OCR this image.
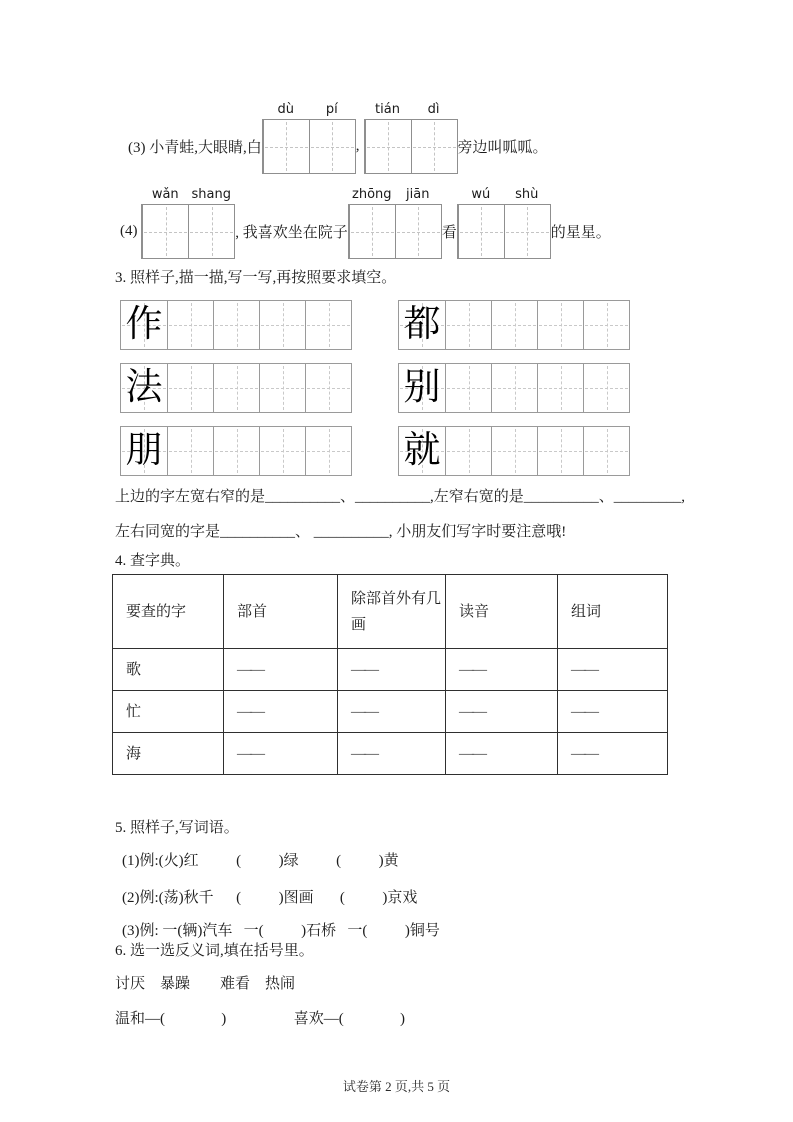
(3) 小青蛙,大眼睛,白
dù	pí
,
tián	dì
旁边叫呱呱。
(4)
wǎn shang
, 我喜欢坐在院子
zhōng	jiān
看
wú	shù
的星星。
3. 照样子,描一描,写一写,再按照要求填空。
作	都
法	别
朋	就
上边的字左宽右窄的是__________、__________,左窄右宽的是__________、_________,
左右同宽的字是__________、 __________, 小朋友们写字时要注意哦!
4. 查字典。
要查的字	部首	除部首外有几画	读音	组词
歌	——	——	——	——
忙	——	——	——	——
海	——	——	——	——
5. 照样子,写词语。
(1)例:(火)红          (          )绿          (          )黄
(2)例:(荡)秋千      (          )图画       (          )京戏
(3)例: 一(辆)汽车   一(          )石桥   一(          )铜号
6. 选一选反义词,填在括号里。
讨厌    暴躁        难看    热闹
温和—(               )                  喜欢—(               )
试卷第 2 页,共 5 页
